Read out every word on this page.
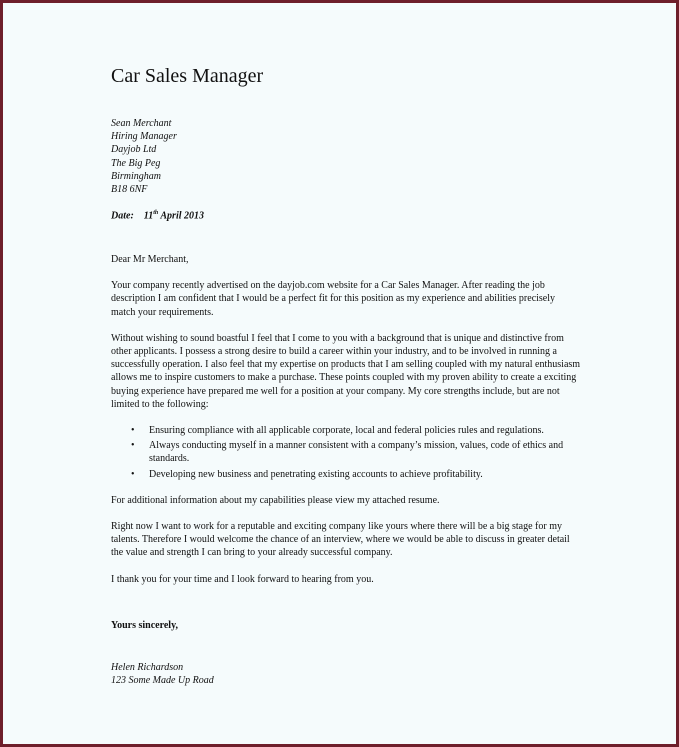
Car Sales Manager
Sean Merchant
Hiring Manager
Dayjob Ltd
The Big Peg
Birmingham
B18 6NF
Date: 11th April 2013

Dear Mr Merchant,

Your company recently advertised on the dayjob.com website for a Car Sales Manager. After reading the job description I am confident that I would be a perfect fit for this position as my experience and abilities precisely match your requirements.

Without wishing to sound boastful I feel that I come to you with a background that is unique and distinctive from other applicants. I possess a strong desire to build a career within your industry, and to be involved in running a successfully operation. I also feel that my expertise on products that I am selling coupled with my natural enthusiasm allows me to inspire customers to make a purchase. These points coupled with my proven ability to create a exciting buying experience have prepared me well for a position at your company. My core strengths include, but are not limited to the following:

• Ensuring compliance with all applicable corporate, local and federal policies rules and regulations.
• Always conducting myself in a manner consistent with a company’s mission, values, code of ethics and standards.
• Developing new business and penetrating existing accounts to achieve profitability.

For additional information about my capabilities please view my attached resume.

Right now I want to work for a reputable and exciting company like yours where there will be a big stage for my talents. Therefore I would welcome the chance of an interview, where we would be able to discuss in greater detail the value and strength I can bring to your already successful company.

I thank you for your time and I look forward to hearing from you.

Yours sincerely,
Helen Richardson
123 Some Made Up Road
